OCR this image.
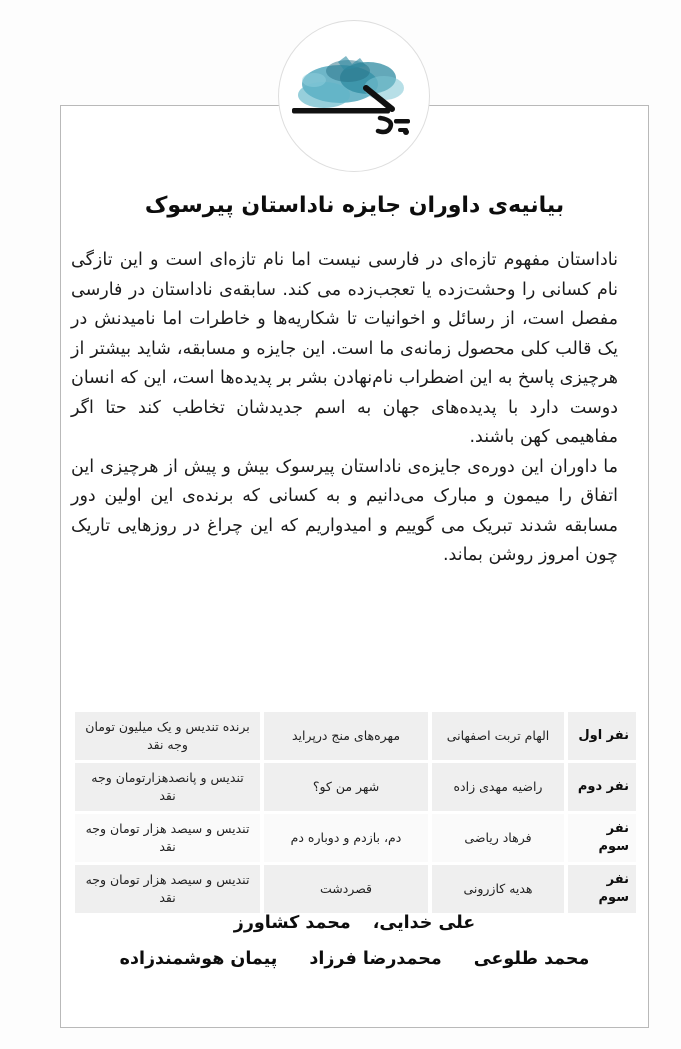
بیانیه‌ی داوران جایزه ناداستان پیرسوک

ناداستان مفهوم تازه‌ای در فارسی نیست اما نام تازه‌ای است و این تازگی نام کسانی را وحشت‌زده یا تعجب‌زده می کند. سابقه‌ی ناداستان در فارسی مفصل است، از رسائل و اخوانیات تا شکاریه‌ها و خاطرات اما نامیدنش در یک قالب کلی محصول زمانه‌ی ما است. این جایزه و مسابقه، شاید بیشتر از هرچیزی پاسخ به این اضطراب نام‌نهادن بشر بر پدیده‌ها است، این که انسان دوست دارد با پدیده‌های جهان به اسم جدیدشان تخاطب کند حتا اگر مفاهیمی کهن باشند.

ما داوران این دوره‌ی جایزه‌ی ناداستان پیرسوک بیش و پیش از هرچیزی این اتفاق را میمون و مبارک می‌دانیم و به کسانی که برنده‌ی این اولین دور مسابقه شدند تبریک می گوییم و امیدواریم که این چراغ در روزهایی تاریک چون امروز روشن بماند.

نفر اول	الهام تربت اصفهانی	مهره‌های منج درپراید	برنده تندیس و یک میلیون تومان وجه نقد
نفر دوم	راضیه مهدی زاده	شهر من کو؟	تندیس و پانصدهزارتومان وجه نقد
نفر سوم	فرهاد ریاضی	دم، بازدم و دوباره دم	تندیس و سیصد هزار تومان وجه نقد
نفر سوم	هدیه کازرونی	قصردشت	تندیس و سیصد هزار تومان وجه نقد
علی خدایی،
محمد کشاورز
محمد طلوعی
محمدرضا فرزاد
پیمان هوشمندزاده
